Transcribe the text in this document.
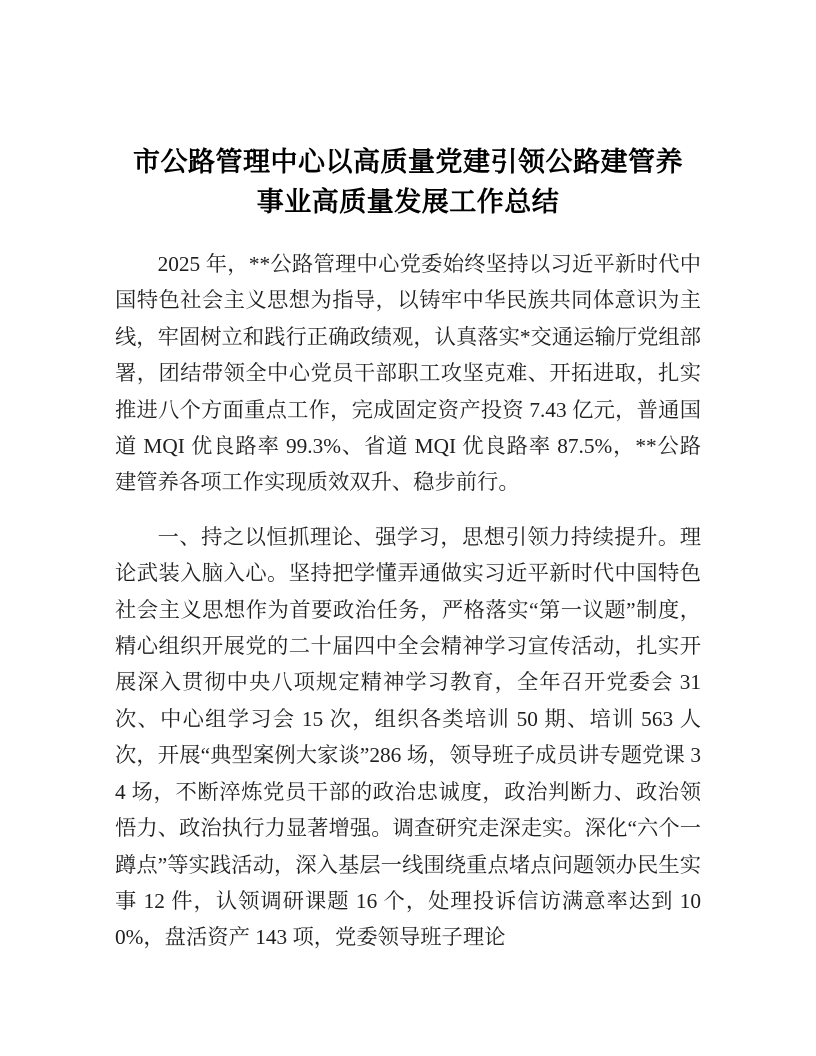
市公路管理中心以高质量党建引领公路建管养
事业高质量发展工作总结

2025 年，**公路管理中心党委始终坚持以习近平新时代中国特色社会主义思想为指导，以铸牢中华民族共同体意识为主线，牢固树立和践行正确政绩观，认真落实*交通运输厅党组部署，团结带领全中心党员干部职工攻坚克难、开拓进取，扎实推进八个方面重点工作，完成固定资产投资 7.43 亿元，普通国道 MQI 优良路率 99.3%、省道 MQI 优良路率 87.5%，**公路建管养各项工作实现质效双升、稳步前行。

一、持之以恒抓理论、强学习，思想引领力持续提升。理论武装入脑入心。坚持把学懂弄通做实习近平新时代中国特色社会主义思想作为首要政治任务，严格落实“第一议题”制度，精心组织开展党的二十届四中全会精神学习宣传活动，扎实开展深入贯彻中央八项规定精神学习教育，全年召开党委会 31 次、中心组学习会 15 次，组织各类培训 50 期、培训 563 人次，开展“典型案例大家谈”286 场，领导班子成员讲专题党课 34 场，不断淬炼党员干部的政治忠诚度，政治判断力、政治领悟力、政治执行力显著增强。调查研究走深走实。深化“六个一蹲点”等实践活动，深入基层一线围绕重点堵点问题领办民生实事 12 件，认领调研课题 16 个，处理投诉信访满意率达到 100%，盘活资产 143 项，党委领导班子理论
